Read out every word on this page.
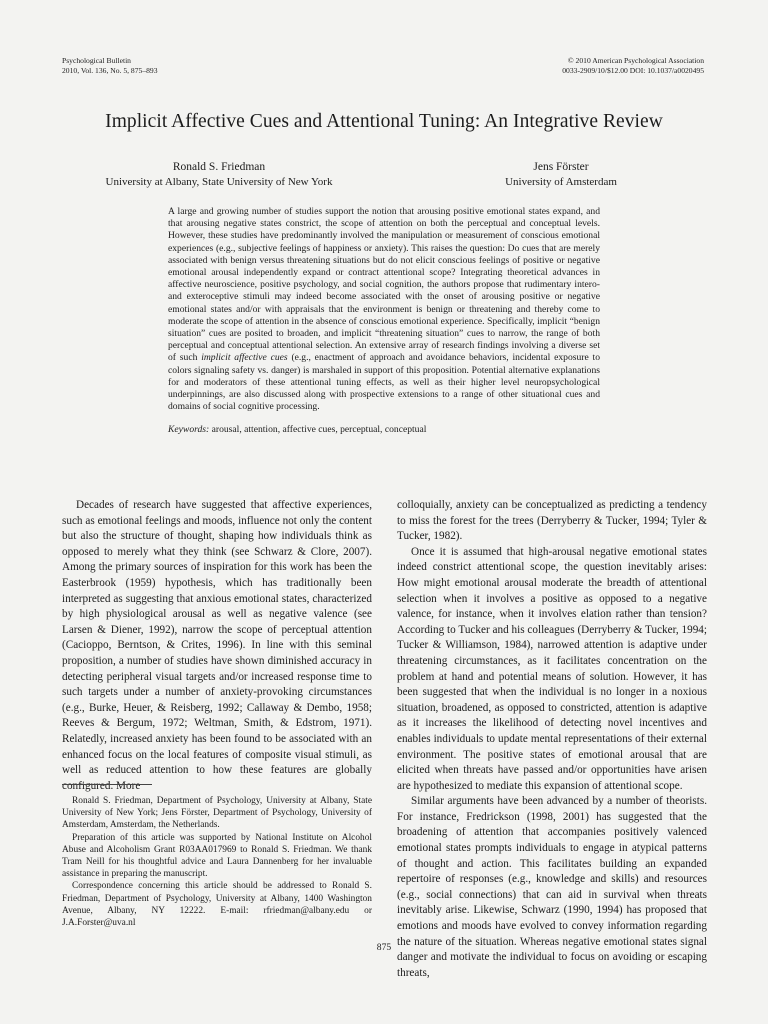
Psychological Bulletin
2010, Vol. 136, No. 5, 875–893
© 2010 American Psychological Association
0033-2909/10/$12.00 DOI: 10.1037/a0020495
Implicit Affective Cues and Attentional Tuning: An Integrative Review
Ronald S. Friedman
University at Albany, State University of New York
Jens Förster
University of Amsterdam

A large and growing number of studies support the notion that arousing positive emotional states expand, and that arousing negative states constrict, the scope of attention on both the perceptual and conceptual levels. However, these studies have predominantly involved the manipulation or measurement of conscious emotional experiences (e.g., subjective feelings of happiness or anxiety). This raises the question: Do cues that are merely associated with benign versus threatening situations but do not elicit conscious feelings of positive or negative emotional arousal independently expand or contract attentional scope? Integrating theoretical advances in affective neuroscience, positive psychology, and social cognition, the authors propose that rudimentary intero- and exteroceptive stimuli may indeed become associated with the onset of arousing positive or negative emotional states and/or with appraisals that the environment is benign or threatening and thereby come to moderate the scope of attention in the absence of conscious emotional experience. Specifically, implicit “benign situation” cues are posited to broaden, and implicit “threatening situation” cues to narrow, the range of both perceptual and conceptual attentional selection. An extensive array of research findings involving a diverse set of such implicit affective cues (e.g., enactment of approach and avoidance behaviors, incidental exposure to colors signaling safety vs. danger) is marshaled in support of this proposition. Potential alternative explanations for and moderators of these attentional tuning effects, as well as their higher level neuropsychological underpinnings, are also discussed along with prospective extensions to a range of other situational cues and domains of social cognitive processing.

Keywords: arousal, attention, affective cues, perceptual, conceptual

Decades of research have suggested that affective experiences, such as emotional feelings and moods, influence not only the content but also the structure of thought, shaping how individuals think as opposed to merely what they think (see Schwarz & Clore, 2007). Among the primary sources of inspiration for this work has been the Easterbrook (1959) hypothesis, which has traditionally been interpreted as suggesting that anxious emotional states, characterized by high physiological arousal as well as negative valence (see Larsen & Diener, 1992), narrow the scope of perceptual attention (Cacioppo, Berntson, & Crites, 1996). In line with this seminal proposition, a number of studies have shown diminished accuracy in detecting peripheral visual targets and/or increased response time to such targets under a number of anxiety-provoking circumstances (e.g., Burke, Heuer, & Reisberg, 1992; Callaway & Dembo, 1958; Reeves & Bergum, 1972; Weltman, Smith, & Edstrom, 1971). Relatedly, increased anxiety has been found to be associated with an enhanced focus on the local features of composite visual stimuli, as well as reduced attention to how these features are globally configured. More

colloquially, anxiety can be conceptualized as predicting a tendency to miss the forest for the trees (Derryberry & Tucker, 1994; Tyler & Tucker, 1982).

Once it is assumed that high-arousal negative emotional states indeed constrict attentional scope, the question inevitably arises: How might emotional arousal moderate the breadth of attentional selection when it involves a positive as opposed to a negative valence, for instance, when it involves elation rather than tension? According to Tucker and his colleagues (Derryberry & Tucker, 1994; Tucker & Williamson, 1984), narrowed attention is adaptive under threatening circumstances, as it facilitates concentration on the problem at hand and potential means of solution. However, it has been suggested that when the individual is no longer in a noxious situation, broadened, as opposed to constricted, attention is adaptive as it increases the likelihood of detecting novel incentives and enables individuals to update mental representations of their external environment. The positive states of emotional arousal that are elicited when threats have passed and/or opportunities have arisen are hypothesized to mediate this expansion of attentional scope.

Similar arguments have been advanced by a number of theorists. For instance, Fredrickson (1998, 2001) has suggested that the broadening of attention that accompanies positively valenced emotional states prompts individuals to engage in atypical patterns of thought and action. This facilitates building an expanded repertoire of responses (e.g., knowledge and skills) and resources (e.g., social connections) that can aid in survival when threats inevitably arise. Likewise, Schwarz (1990, 1994) has proposed that emotions and moods have evolved to convey information regarding the nature of the situation. Whereas negative emotional states signal danger and motivate the individual to focus on avoiding or escaping threats,

Ronald S. Friedman, Department of Psychology, University at Albany, State University of New York; Jens Förster, Department of Psychology, University of Amsterdam, Amsterdam, the Netherlands.

Preparation of this article was supported by National Institute on Alcohol Abuse and Alcoholism Grant R03AA017969 to Ronald S. Friedman. We thank Tram Neill for his thoughtful advice and Laura Dannenberg for her invaluable assistance in preparing the manuscript.

Correspondence concerning this article should be addressed to Ronald S. Friedman, Department of Psychology, University at Albany, 1400 Washington Avenue, Albany, NY 12222. E-mail: rfriedman@albany.edu or J.A.Forster@uva.nl

875
